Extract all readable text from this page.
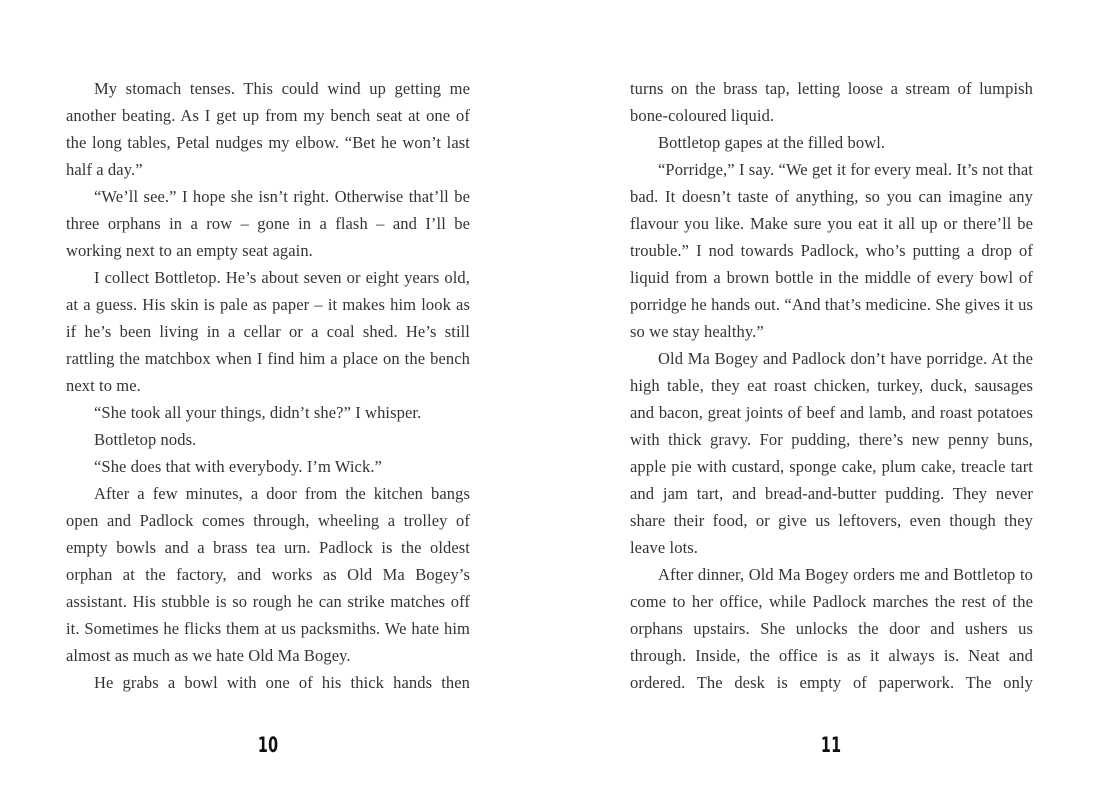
My stomach tenses. This could wind up getting me another beating. As I get up from my bench seat at one of the long tables, Petal nudges my elbow. “Bet he won’t last half a day.”

“We’ll see.” I hope she isn’t right. Otherwise that’ll be three orphans in a row – gone in a flash – and I’ll be working next to an empty seat again.

I collect Bottletop. He’s about seven or eight years old, at a guess. His skin is pale as paper – it makes him look as if he’s been living in a cellar or a coal shed. He’s still rattling the matchbox when I find him a place on the bench next to me.

“She took all your things, didn’t she?” I whisper.

Bottletop nods.

“She does that with everybody. I’m Wick.”

After a few minutes, a door from the kitchen bangs open and Padlock comes through, wheeling a trolley of empty bowls and a brass tea urn. Padlock is the oldest orphan at the factory, and works as Old Ma Bogey’s assistant. His stubble is so rough he can strike matches off it. Sometimes he flicks them at us packsmiths. We hate him almost as much as we hate Old Ma Bogey.

He grabs a bowl with one of his thick hands then

turns on the brass tap, letting loose a stream of lumpish bone-coloured liquid.

Bottletop gapes at the filled bowl.

“Porridge,” I say. “We get it for every meal. It’s not that bad. It doesn’t taste of anything, so you can imagine any flavour you like. Make sure you eat it all up or there’ll be trouble.” I nod towards Padlock, who’s putting a drop of liquid from a brown bottle in the middle of every bowl of porridge he hands out. “And that’s medicine. She gives it us so we stay healthy.”

Old Ma Bogey and Padlock don’t have porridge. At the high table, they eat roast chicken, turkey, duck, sausages and bacon, great joints of beef and lamb, and roast potatoes with thick gravy. For pudding, there’s new penny buns, apple pie with custard, sponge cake, plum cake, treacle tart and jam tart, and bread-and-butter pudding. They never share their food, or give us leftovers, even though they leave lots.

After dinner, Old Ma Bogey orders me and Bottletop to come to her office, while Padlock marches the rest of the orphans upstairs. She unlocks the door and ushers us through. Inside, the office is as it always is. Neat and ordered. The desk is empty of paperwork. The only

10	11
